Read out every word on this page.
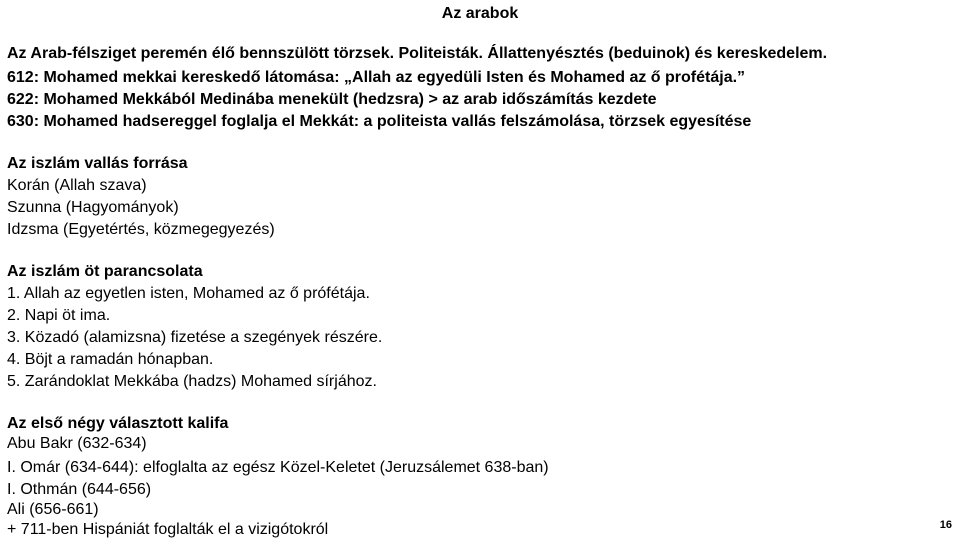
Az arabok
Az Arab-félsziget peremén élő bennszülött törzsek. Politeisták. Állattenyésztés (beduinok) és kereskedelem.
612: Mohamed mekkai kereskedő látomása: „Allah az egyedüli Isten és Mohamed az ő profétája.”
622: Mohamed Mekkából Medinába menekült (hedzsra) > az arab időszámítás kezdete
630: Mohamed hadsereggel foglalja el Mekkát: a politeista vallás felszámolása, törzsek egyesítése
Az iszlám vallás forrása
Korán (Allah szava)
Szunna (Hagyományok)
Idzsma (Egyetértés, közmegegyezés)
Az iszlám öt parancsolata
1. Allah az egyetlen isten, Mohamed az ő prófétája.
2. Napi öt ima.
3. Közadó (alamizsna) fizetése a szegények részére.
4. Böjt a ramadán hónapban.
5. Zarándoklat Mekkába (hadzs) Mohamed sírjához.
Az első négy választott kalifa
Abu Bakr (632-634)
I. Omár (634-644): elfoglalta az egész Közel-Keletet (Jeruzsálemet 638-ban)
I. Othmán (644-656)
Ali (656-661)
+ 711-ben Hispániát foglalták el a vizigótokról	16
